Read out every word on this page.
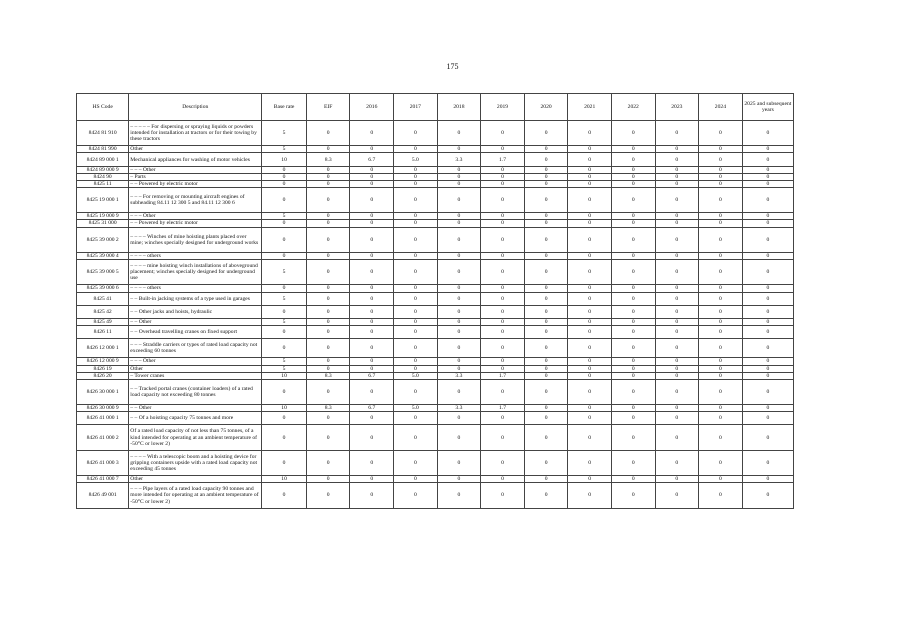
175
HS Code	Description	Base rate	EIF	2016	2017	2018	2019	2020	2021	2022	2023	2024	2025 and subsequent years
8424 81 910	– – – – – For dispersing or spraying liquids or powders intended for installation at tractors or for their towing by these tractors	5	0	0	0	0	0	0	0	0	0	0	0
8424 81 990	Other	5	0	0	0	0	0	0	0	0	0	0	0
8424 89 000 1	Mechanical appliances for washing of motor vehicles	10	8.3	6.7	5.0	3.3	1.7	0	0	0	0	0	0
8424 89 000 9	– – – Other	0	0	0	0	0	0	0	0	0	0	0	0
8424 90	– Parts	0	0	0	0	0	0	0	0	0	0	0	0
8425 11	– – Powered by electric motor	0	0	0	0	0	0	0	0	0	0	0	0
8425 19 000 1	– – – For removing or mounting aircraft engines of subheading 84.11 12 300 5 and 84.11 12 300 6	0	0	0	0	0	0	0	0	0	0	0	0
8425 19 000 9	– – – Other	5	0	0	0	0	0	0	0	0	0	0	0
8425 31 000	– – Powered by electric motor	0	0	0	0	0	0	0	0	0	0	0	0
8425 39 000 2	– – – – Winches of mine hoisting plants placed over mine; winches specially designed for underground works	0	0	0	0	0	0	0	0	0	0	0	0
8425 39 000 4	– – – – others	0	0	0	0	0	0	0	0	0	0	0	0
8425 39 000 5	– – – – mine hoisting winch installations of aboveground placement; winches specially designed for underground use	5	0	0	0	0	0	0	0	0	0	0	0
8425 39 000 6	– – – – others	0	0	0	0	0	0	0	0	0	0	0	0
8425 41	– – Built-in jacking systems of a type used in garages	5	0	0	0	0	0	0	0	0	0	0	0
8425 42	– – Other jacks and hoists, hydraulic	0	0	0	0	0	0	0	0	0	0	0	0
8425 49	– – Other	5	0	0	0	0	0	0	0	0	0	0	0
8426 11	– – Overhead travelling cranes on fixed support	0	0	0	0	0	0	0	0	0	0	0	0
8426 12 000 1	– – – Straddle carriers or types of rated load capacity not exceeding 60 tonnes	0	0	0	0	0	0	0	0	0	0	0	0
8426 12 000 9	– – – Other	5	0	0	0	0	0	0	0	0	0	0	0
8426 19	Other	5	0	0	0	0	0	0	0	0	0	0	0
8426 20	– Tower cranes	10	8.3	6.7	5.0	3.3	1.7	0	0	0	0	0	0
8426 30 000 1	– – Tracked portal cranes (container loaders) of a rated load capacity not exceeding 80 tonnes	0	0	0	0	0	0	0	0	0	0	0	0
8426 30 000 9	– – Other	10	8.3	6.7	5.0	3.3	1.7	0	0	0	0	0	0
8426 41 000 1	– – Of a hoisting capacity 75 tonnes and more	0	0	0	0	0	0	0	0	0	0	0	0
8426 41 000 2	Of a rated load capacity of not less than 75 tonnes, of a kind intended for operating at an ambient temperature of -50°C or lower 2)	0	0	0	0	0	0	0	0	0	0	0	0
8426 41 000 3	– – – – With a telescopic boom and a hoisting device for gripping containers upside with a rated load capacity not exceeding 45 tonnes	0	0	0	0	0	0	0	0	0	0	0	0
8426 41 000 7	Other	10	0	0	0	0	0	0	0	0	0	0	0
8426 49 001	– – – Pipe layers of a rated load capacity 90 tonnes and more intended for operating at an ambient temperature of -50°C or lower 2)	0	0	0	0	0	0	0	0	0	0	0	0
